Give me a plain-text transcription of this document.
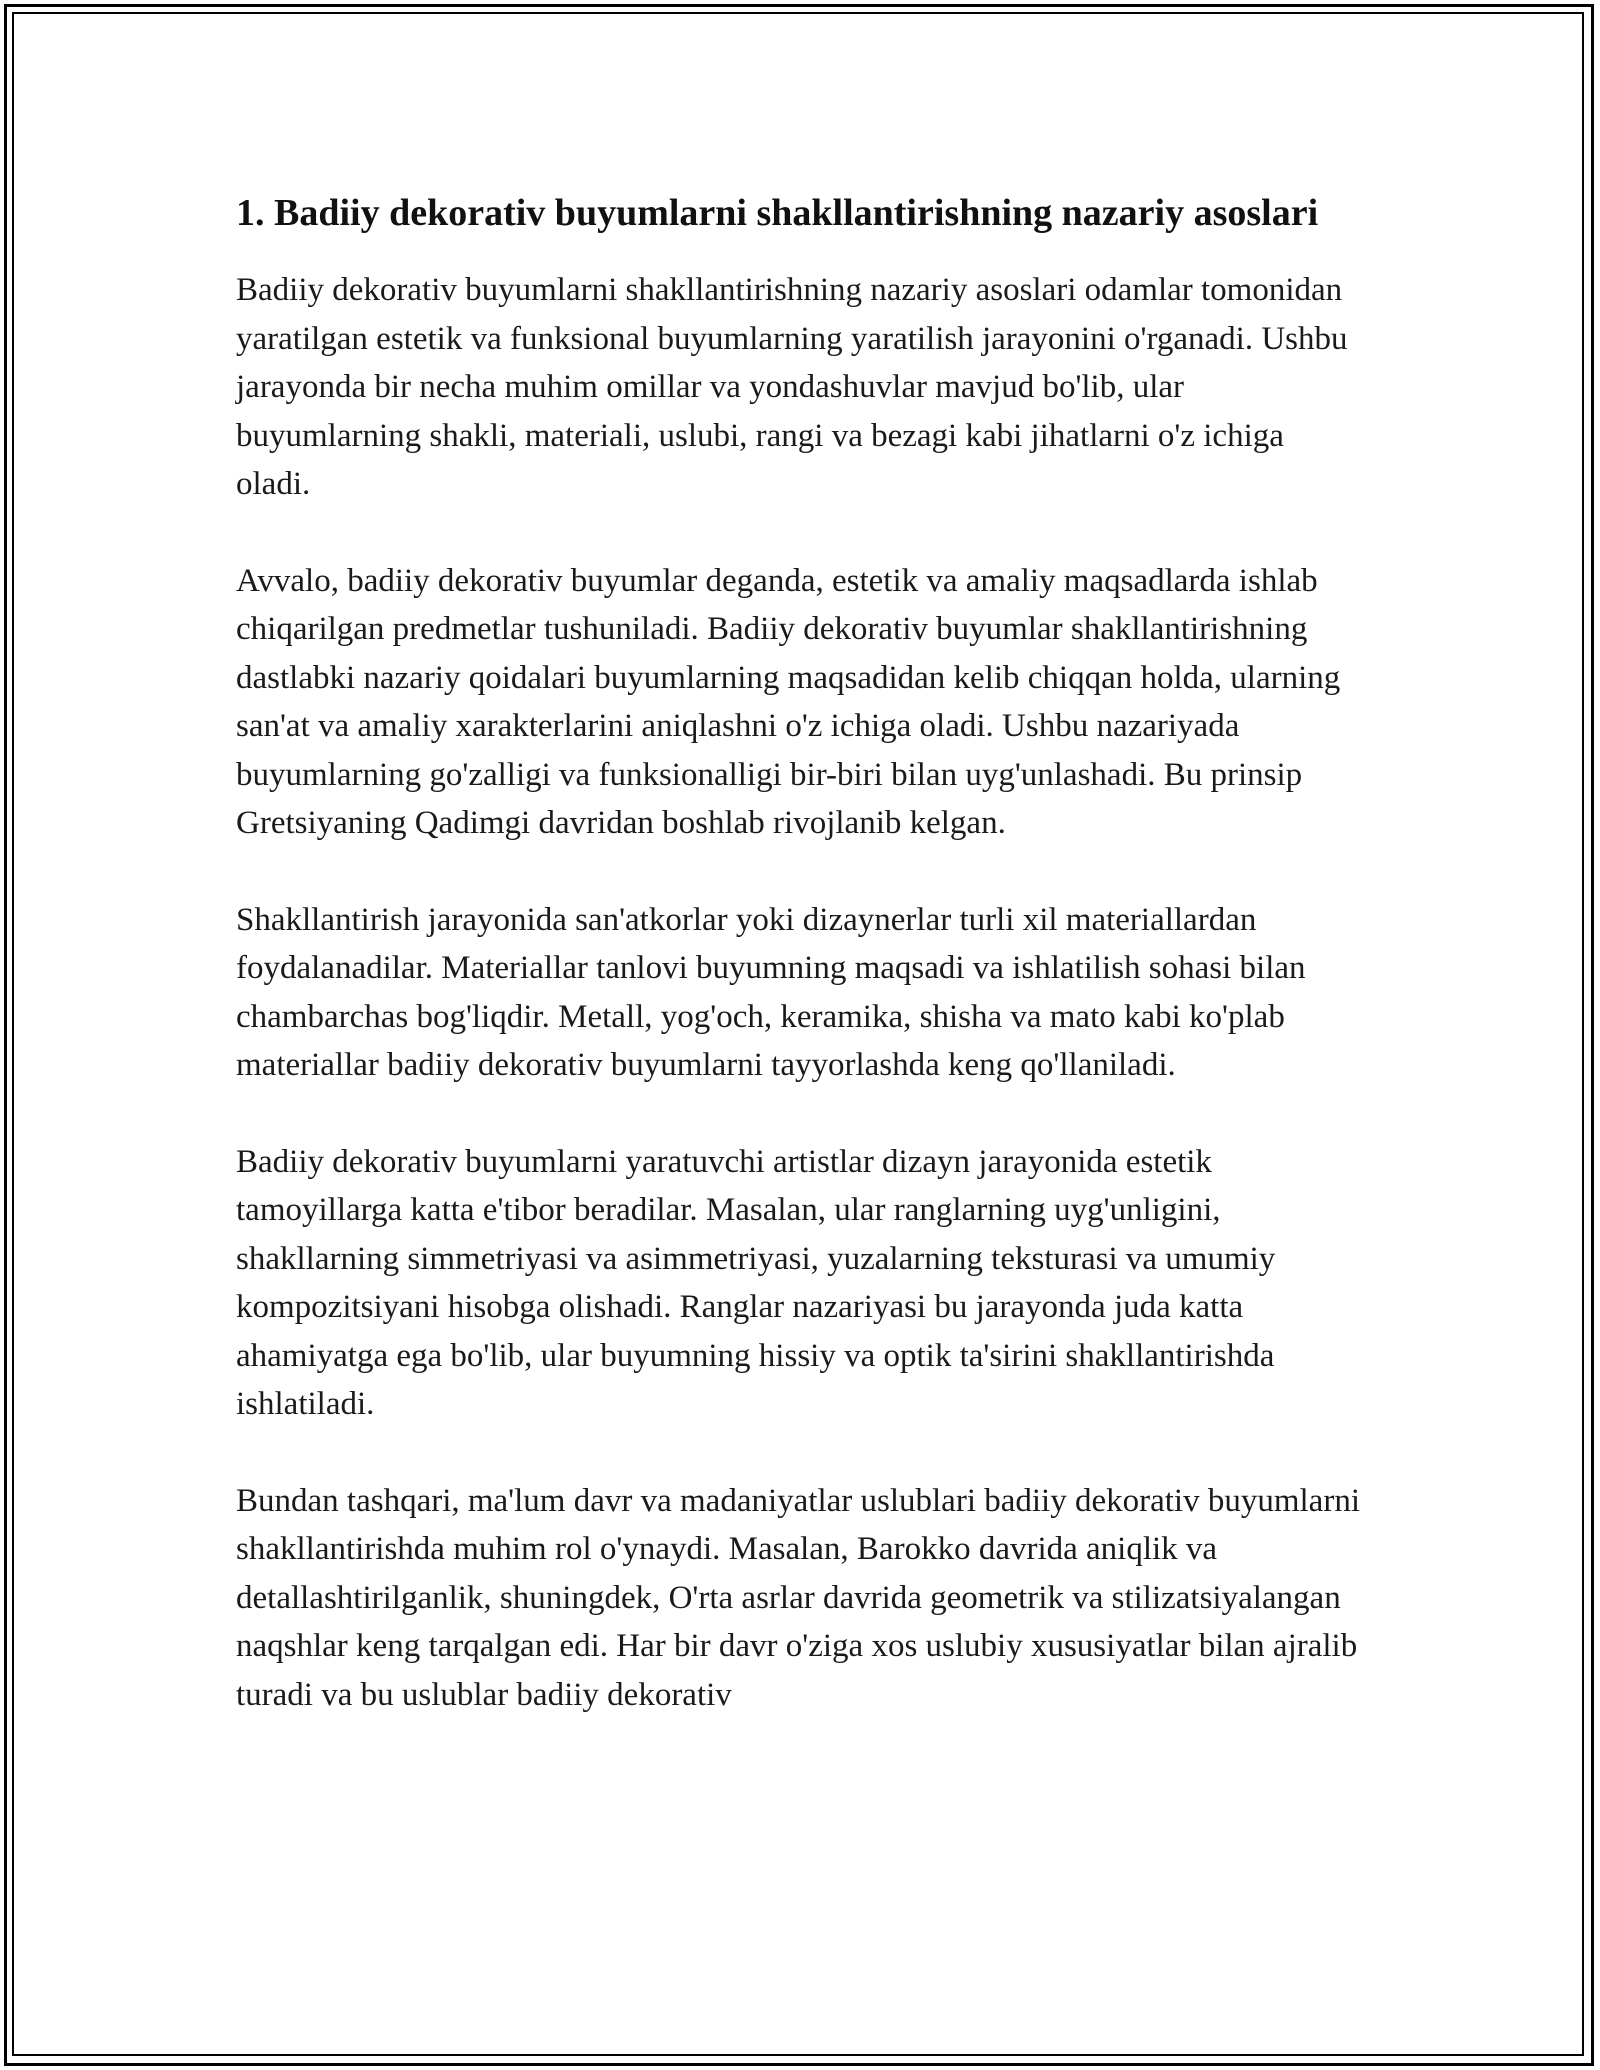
1. Badiiy dekorativ buyumlarni shakllantirishning nazariy asoslari

Badiiy dekorativ buyumlarni shakllantirishning nazariy asoslari odamlar tomonidan yaratilgan estetik va funksional buyumlarning yaratilish jarayonini o'rganadi. Ushbu jarayonda bir necha muhim omillar va yondashuvlar mavjud bo'lib, ular buyumlarning shakli, materiali, uslubi, rangi va bezagi kabi jihatlarni o'z ichiga oladi.

Avvalo, badiiy dekorativ buyumlar deganda, estetik va amaliy maqsadlarda ishlab chiqarilgan predmetlar tushuniladi. Badiiy dekorativ buyumlar shakllantirishning dastlabki nazariy qoidalari buyumlarning maqsadidan kelib chiqqan holda, ularning san'at va amaliy xarakterlarini aniqlashni o'z ichiga oladi. Ushbu nazariyada buyumlarning go'zalligi va funksionalligi bir-biri bilan uyg'unlashadi. Bu prinsip Gretsiyaning Qadimgi davridan boshlab rivojlanib kelgan.

Shakllantirish jarayonida san'atkorlar yoki dizaynerlar turli xil materiallardan foydalanadilar. Materiallar tanlovi buyumning maqsadi va ishlatilish sohasi bilan chambarchas bog'liqdir. Metall, yog'och, keramika, shisha va mato kabi ko'plab materiallar badiiy dekorativ buyumlarni tayyorlashda keng qo'llaniladi.

Badiiy dekorativ buyumlarni yaratuvchi artistlar dizayn jarayonida estetik tamoyillarga katta e'tibor beradilar. Masalan, ular ranglarning uyg'unligini, shakllarning simmetriyasi va asimmetriyasi, yuzalarning teksturasi va umumiy kompozitsiyani hisobga olishadi. Ranglar nazariyasi bu jarayonda juda katta ahamiyatga ega bo'lib, ular buyumning hissiy va optik ta'sirini shakllantirishda ishlatiladi.

Bundan tashqari, ma'lum davr va madaniyatlar uslublari badiiy dekorativ buyumlarni shakllantirishda muhim rol o'ynaydi. Masalan, Barokko davrida aniqlik va detallashtirilganlik, shuningdek, O'rta asrlar davrida geometrik va stilizatsiyalangan naqshlar keng tarqalgan edi. Har bir davr o'ziga xos uslubiy xususiyatlar bilan ajralib turadi va bu uslublar badiiy dekorativ
